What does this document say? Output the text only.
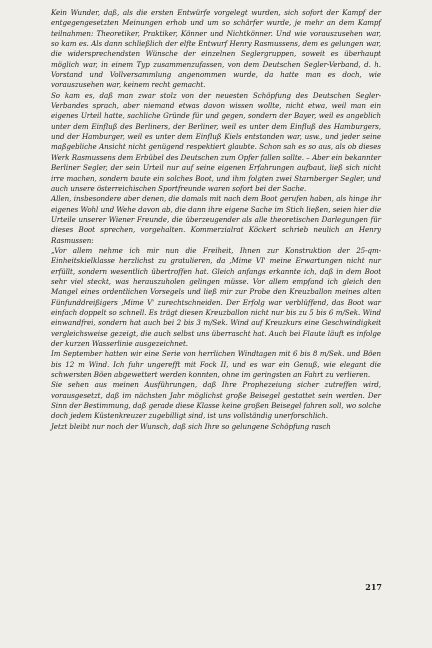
Kein Wunder, daß, als die ersten Entwürfe vorgelegt wurden, sich sofort der Kampf der entgegengesetzten Meinungen erhob und um so schärfer wurde, je mehr an dem Kampf teilnahmen: Theoretiker, Praktiker, Könner und Nichtkönner. Und wie vorauszusehen war, so kam es. Als dann schließlich der elfte Entwurf Henry Rasmussens, dem es gelungen war, die widersprechendsten Wünsche der einzelnen Seglergruppen, soweit es überhaupt möglich war, in einem Typ zusammenzufassen, von dem Deutschen Segler-Verband, d. h. Vorstand und Vollversammlung angenommen wurde, da hatte man es doch, wie vorauszusehen war, keinem recht gemacht.

So kam es, daß man zwar stolz von der neuesten Schöpfung des Deutschen Segler-Verbandes sprach, aber niemand etwas davon wissen wollte, nicht etwa, weil man ein eigenes Urteil hatte, sachliche Gründe für und gegen, sondern der Bayer, weil es angeblich unter dem Einfluß des Berliners, der Berliner, weil es unter dem Einfluß des Hamburgers, und der Hamburger, weil es unter dem Einfluß Kiels entstanden war, usw., und jeder seine maßgebliche Ansicht nicht genügend respektiert glaubte. Schon sah es so aus, als ob dieses Werk Rasmussens dem Erbübel des Deutschen zum Opfer fallen sollte. – Aber ein bekannter Berliner Segler, der sein Urteil nur auf seine eigenen Erfahrungen aufbaut, ließ sich nicht irre machen, sondern baute ein solches Boot, und ihm folgten zwei Starnberger Segler, und auch unsere österreichischen Sportfreunde waren sofort bei der Sache.

Allen, insbesondere aber denen, die damals mit nach dem Boot gerufen haben, als hinge ihr eigenes Wohl und Wehe davon ab, die dann ihre eigene Sache im Stich ließen, seien hier die Urteile unserer Wiener Freunde, die überzeugender als alle theoretischen Darlegungen für dieses Boot sprechen, vorgehalten. Kommerzialrat Köckert schrieb neulich an Henry Rasmussen:

„Vor allem nehme ich mir nun die Freiheit, Ihnen zur Konstruktion der 25-qm-Einheitskielklasse herzlichst zu gratulieren, da ‚Mime VI' meine Erwartungen nicht nur erfüllt, sondern wesentlich übertroffen hat. Gleich anfangs erkannte ich, daß in dem Boot sehr viel steckt, was herauszuholen gelingen müsse. Vor allem empfand ich gleich den Mangel eines ordentlichen Vorsegels und ließ mir zur Probe den Kreuzballon meines alten Fünfunddreißigers ‚Mime V' zurechtschneiden. Der Erfolg war verblüffend, das Boot war einfach doppelt so schnell. Es trägt diesen Kreuzballon nicht nur bis zu 5 bis 6 m/Sek. Wind einwandfrei, sondern hat auch bei 2 bis 3 m/Sek. Wind auf Kreuzkurs eine Geschwindigkeit vergleichsweise gezeigt, die auch selbst uns überrascht hat. Auch bei Flaute läuft es infolge der kurzen Wasserlinie ausgezeichnet.

Im September hatten wir eine Serie von herrlichen Windtagen mit 6 bis 8 m/Sek. und Böen bis 12 m Wind. Ich fuhr ungerefft mit Fock II, und es war ein Genuß, wie elegant die schwersten Böen abgewettert werden konnten, ohne im geringsten an Fahrt zu verlieren.

Sie sehen aus meinen Ausführungen, daß Ihre Prophezeiung sicher zutreffen wird, vorausgesetzt, daß im nächsten Jahr möglichst große Beisegel gestattet sein werden. Der Sinn der Bestimmung, daß gerade diese Klasse keine großen Beisegel fahren soll, wo solche doch jedem Küstenkreuzer zugebilligt sind, ist uns vollständig unerforschlich.

Jetzt bleibt nur noch der Wunsch, daß sich Ihre so gelungene Schöpfung rasch

217
